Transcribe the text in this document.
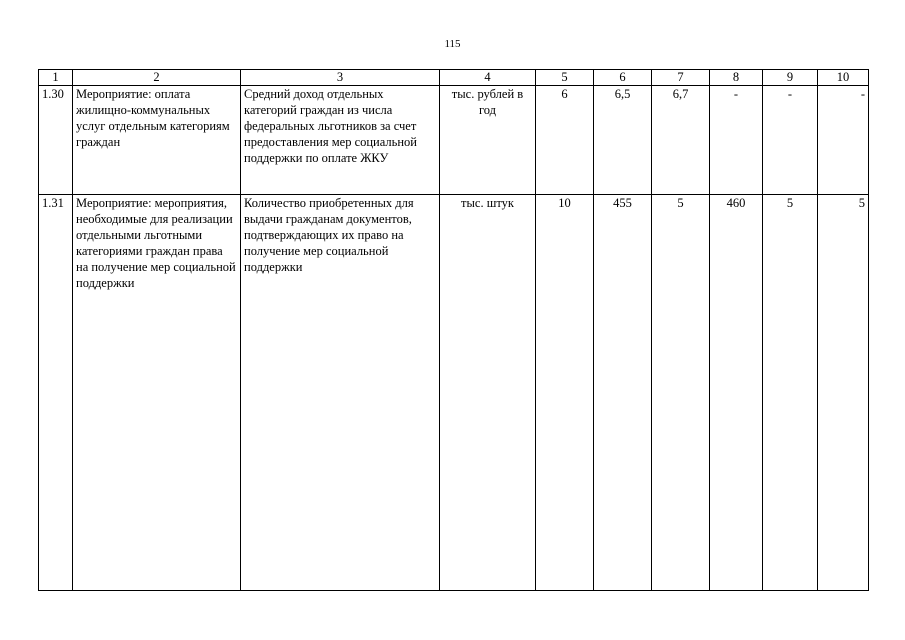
115
1	2	3	4	5	6	7	8	9	10
1.30	Мероприятие: оплата жилищно-коммунальных услуг отдельным категориям граждан	Средний доход отдельных категорий граждан из числа федеральных льготников за счет предоставления мер социальной поддержки по оплате ЖКУ	тыс. рублей в год	6	6,5	6,7	-	-	-
1.31	Мероприятие: мероприятия, необходимые для реализации отдельными льготными категориями граждан права на получение мер социальной поддержки	Количество приобретенных для выдачи гражданам документов, подтверждающих их право на получение мер социальной поддержки	тыс. штук	10	455	5	460	5	5
